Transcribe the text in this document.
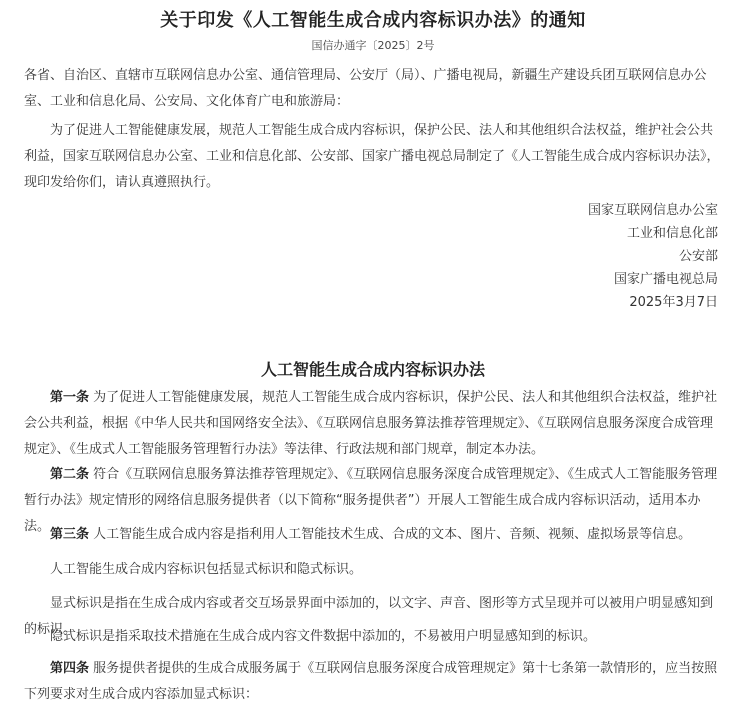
关于印发《人工智能生成合成内容标识办法》的通知
国信办通字〔2025〕2号

各省、自治区、直辖市互联网信息办公室、通信管理局、公安厅（局）、广播电视局，新疆生产建设兵团互联网信息办公室、工业和信息化局、公安局、文化体育广电和旅游局：

为了促进人工智能健康发展，规范人工智能生成合成内容标识，保护公民、法人和其他组织合法权益，维护社会公共利益，国家互联网信息办公室、工业和信息化部、公安部、国家广播电视总局制定了《人工智能生成合成内容标识办法》，现印发给你们，请认真遵照执行。

国家互联网信息办公室
工业和信息化部
公安部
国家广播电视总局
2025年3月7日
人工智能生成合成内容标识办法

第一条 为了促进人工智能健康发展，规范人工智能生成合成内容标识，保护公民、法人和其他组织合法权益，维护社会公共利益，根据《中华人民共和国网络安全法》、《互联网信息服务算法推荐管理规定》、《互联网信息服务深度合成管理规定》、《生成式人工智能服务管理暂行办法》等法律、行政法规和部门规章，制定本办法。

第二条 符合《互联网信息服务算法推荐管理规定》、《互联网信息服务深度合成管理规定》、《生成式人工智能服务管理暂行办法》规定情形的网络信息服务提供者（以下简称“服务提供者”）开展人工智能生成合成内容标识活动，适用本办法。

第三条 人工智能生成合成内容是指利用人工智能技术生成、合成的文本、图片、音频、视频、虚拟场景等信息。

人工智能生成合成内容标识包括显式标识和隐式标识。

显式标识是指在生成合成内容或者交互场景界面中添加的，以文字、声音、图形等方式呈现并可以被用户明显感知到的标识。

隐式标识是指采取技术措施在生成合成内容文件数据中添加的，不易被用户明显感知到的标识。

第四条 服务提供者提供的生成合成服务属于《互联网信息服务深度合成管理规定》第十七条第一款情形的，应当按照下列要求对生成合成内容添加显式标识：
